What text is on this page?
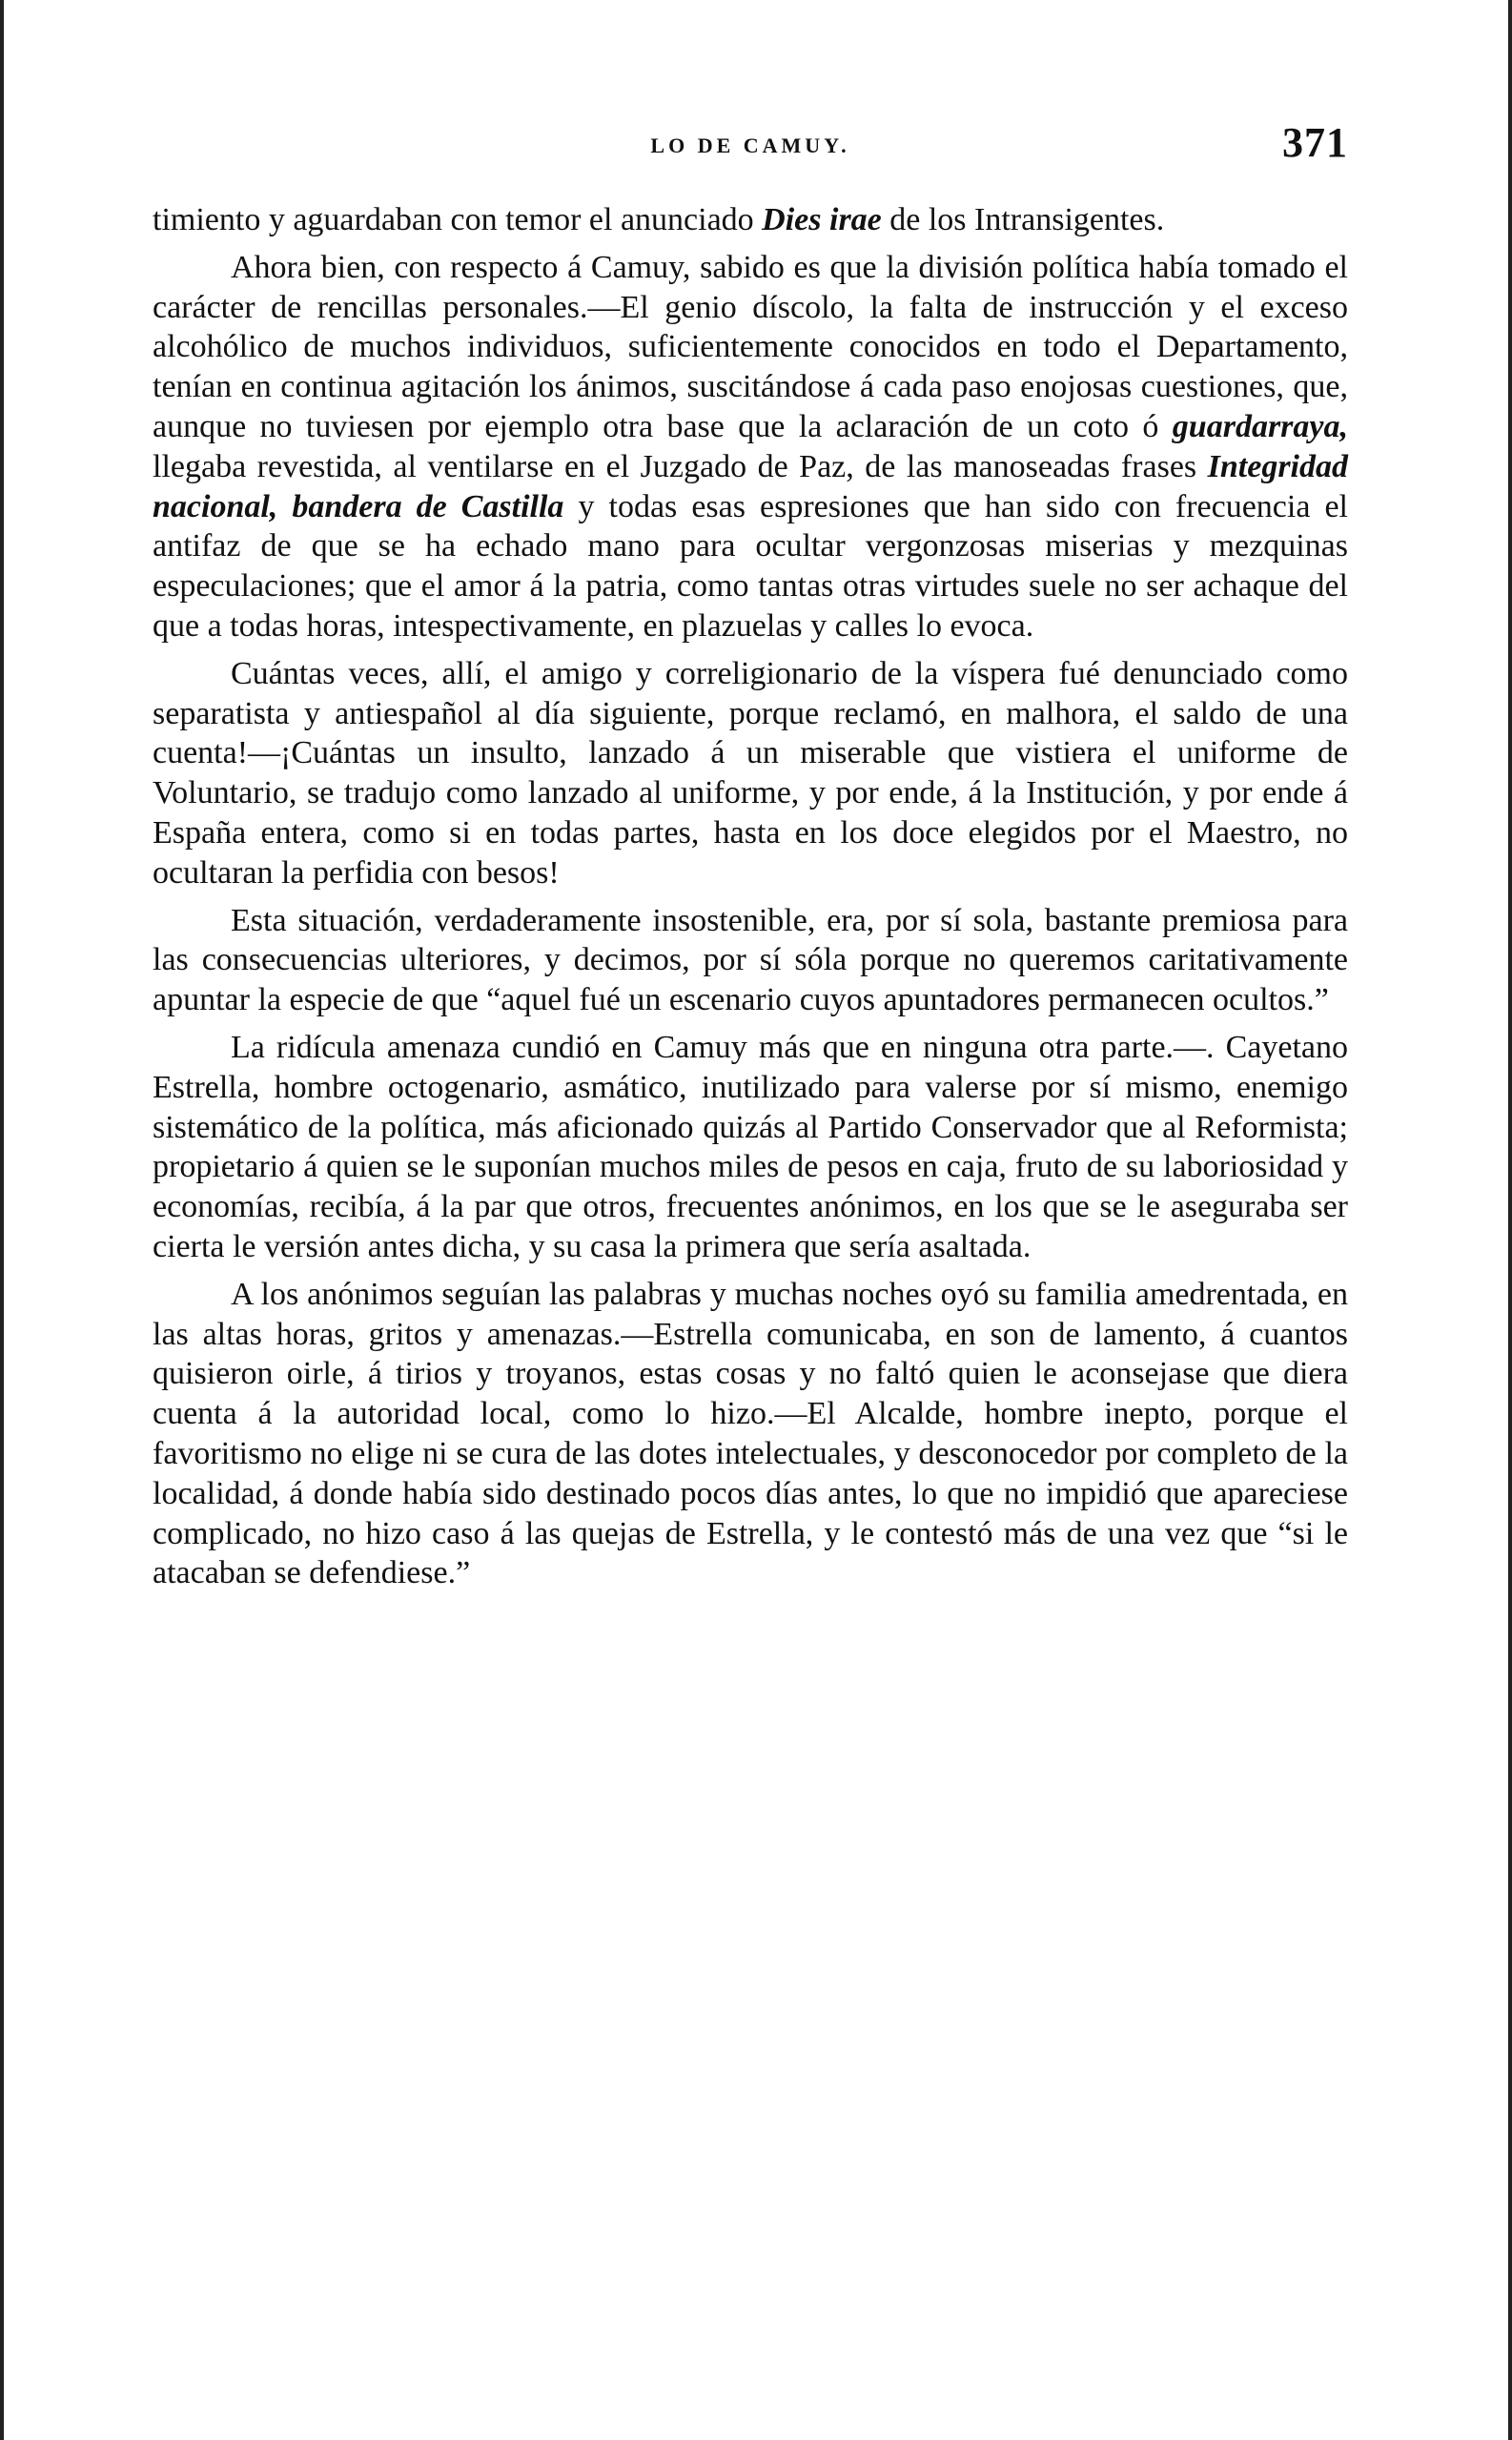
LO DE CAMUY.	371

timiento y aguardaban con temor el anunciado Dies irae de los Intransigentes.

Ahora bien, con respecto á Camuy, sabido es que la división política había tomado el carácter de rencillas personales.—El genio díscolo, la falta de instrucción y el exceso alcohólico de muchos individuos, suficientemente conocidos en todo el Departamento, tenían en continua agitación los ánimos, suscitándose á cada paso enojosas cuestiones, que, aunque no tuviesen por ejemplo otra base que la aclaración de un coto ó guardarraya, llegaba revestida, al ventilarse en el Juzgado de Paz, de las manoseadas frases Integridad nacional, bandera de Castilla y todas esas espresiones que han sido con frecuencia el antifaz de que se ha echado mano para ocultar vergonzosas miserias y mezquinas especulaciones; que el amor á la patria, como tantas otras virtudes suele no ser achaque del que a todas horas, intespectivamente, en plazuelas y calles lo evoca.

Cuántas veces, allí, el amigo y correligionario de la víspera fué denunciado como separatista y antiespañol al día siguiente, porque reclamó, en malhora, el saldo de una cuenta!—¡Cuántas un insulto, lanzado á un miserable que vistiera el uniforme de Voluntario, se tradujo como lanzado al uniforme, y por ende, á la Institución, y por ende á España entera, como si en todas partes, hasta en los doce elegidos por el Maestro, no ocultaran la perfidia con besos!

Esta situación, verdaderamente insostenible, era, por sí sola, bastante premiosa para las consecuencias ulteriores, y decimos, por sí sóla porque no queremos caritativamente apuntar la especie de que “aquel fué un escenario cuyos apuntadores permanecen ocultos.”

La ridícula amenaza cundió en Camuy más que en ninguna otra parte.—. Cayetano Estrella, hombre octogenario, asmático, inutilizado para valerse por sí mismo, enemigo sistemático de la política, más aficionado quizás al Partido Conservador que al Reformista; propietario á quien se le suponían muchos miles de pesos en caja, fruto de su laboriosidad y economías, recibía, á la par que otros, frecuentes anónimos, en los que se le aseguraba ser cierta le versión antes dicha, y su casa la primera que sería asaltada.

A los anónimos seguían las palabras y muchas noches oyó su familia amedrentada, en las altas horas, gritos y amenazas.—Estrella comunicaba, en son de lamento, á cuantos quisieron oirle, á tirios y troyanos, estas cosas y no faltó quien le aconsejase que diera cuenta á la autoridad local, como lo hizo.—El Alcalde, hombre inepto, porque el favoritismo no elige ni se cura de las dotes intelectuales, y desconocedor por completo de la localidad, á donde había sido destinado pocos días antes, lo que no impidió que apareciese complicado, no hizo caso á las quejas de Estrella, y le contestó más de una vez que “si le atacaban se defendiese.”
